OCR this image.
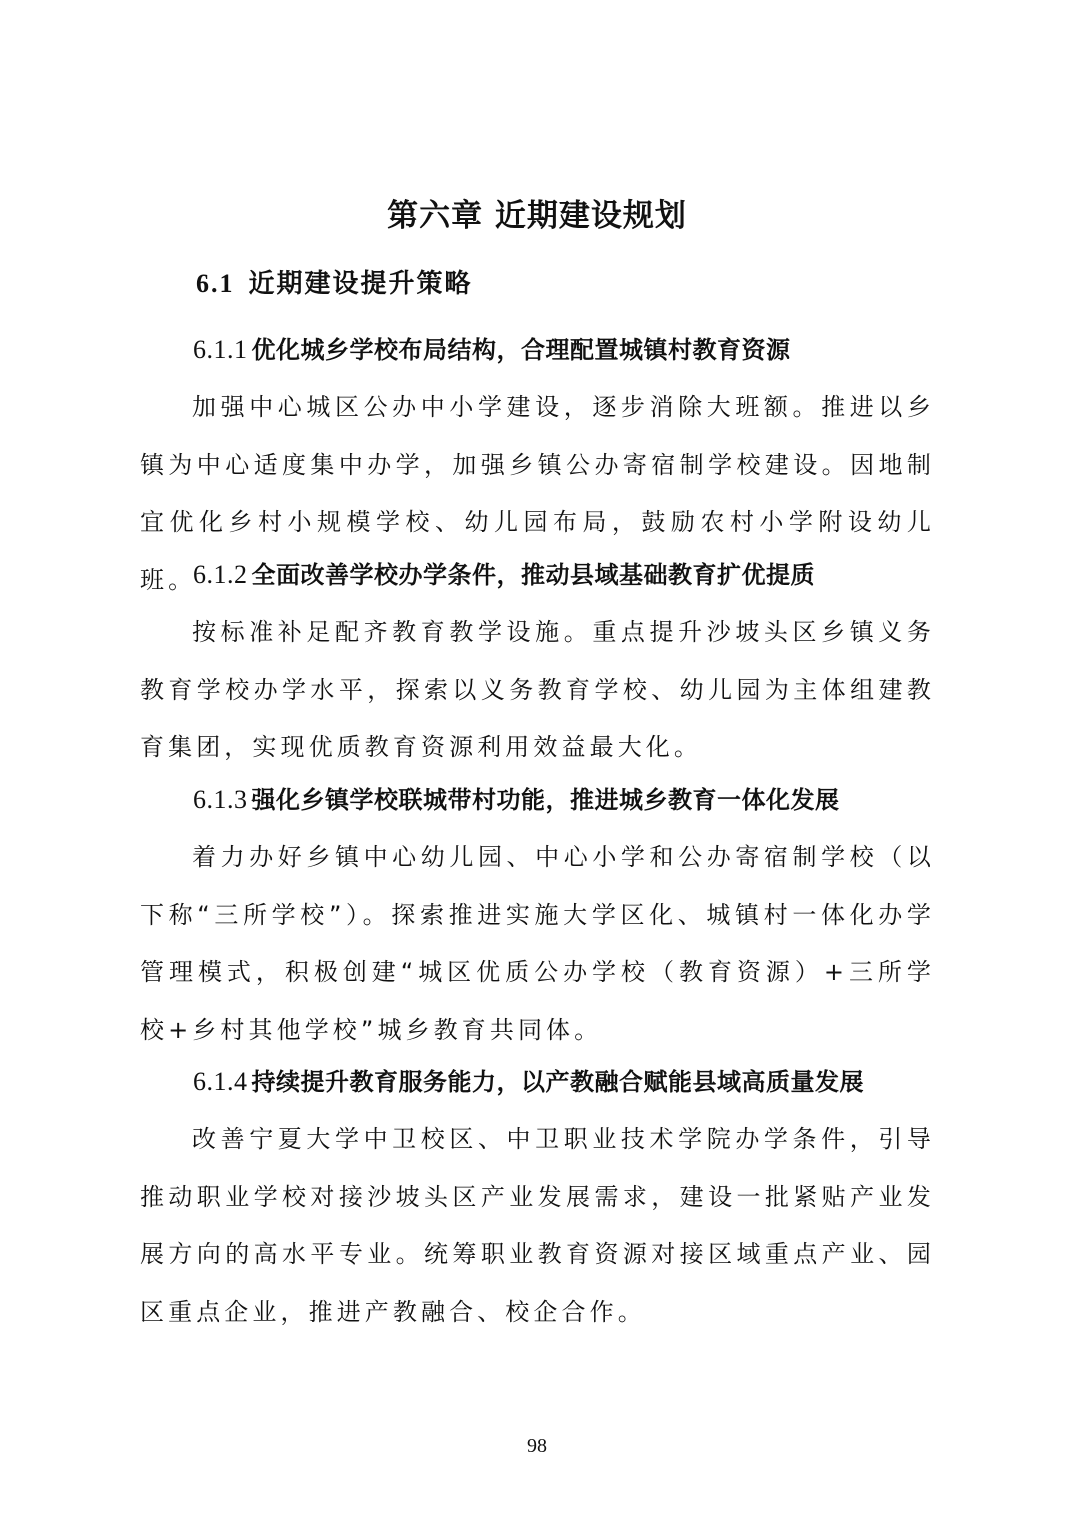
第六章 近期建设规划
6.1 近期建设提升策略
6.1.1 优化城乡学校布局结构，合理配置城镇村教育资源
加强中心城区公办中小学建设，逐步消除大班额。推进以乡镇为中心适度集中办学，加强乡镇公办寄宿制学校建设。因地制宜优化乡村小规模学校、幼儿园布局，鼓励农村小学附设幼儿班。
6.1.2 全面改善学校办学条件，推动县域基础教育扩优提质
按标准补足配齐教育教学设施。重点提升沙坡头区乡镇义务教育学校办学水平，探索以义务教育学校、幼儿园为主体组建教育集团，实现优质教育资源利用效益最大化。
6.1.3 强化乡镇学校联城带村功能，推进城乡教育一体化发展
着力办好乡镇中心幼儿园、中心小学和公办寄宿制学校（以下称“三所学校”）。探索推进实施大学区化、城镇村一体化办学管理模式，积极创建“城区优质公办学校（教育资源）+三所学校+乡村其他学校”城乡教育共同体。
6.1.4 持续提升教育服务能力，以产教融合赋能县域高质量发展
改善宁夏大学中卫校区、中卫职业技术学院办学条件，引导推动职业学校对接沙坡头区产业发展需求，建设一批紧贴产业发展方向的高水平专业。统筹职业教育资源对接区域重点产业、园区重点企业，推进产教融合、校企合作。
98
